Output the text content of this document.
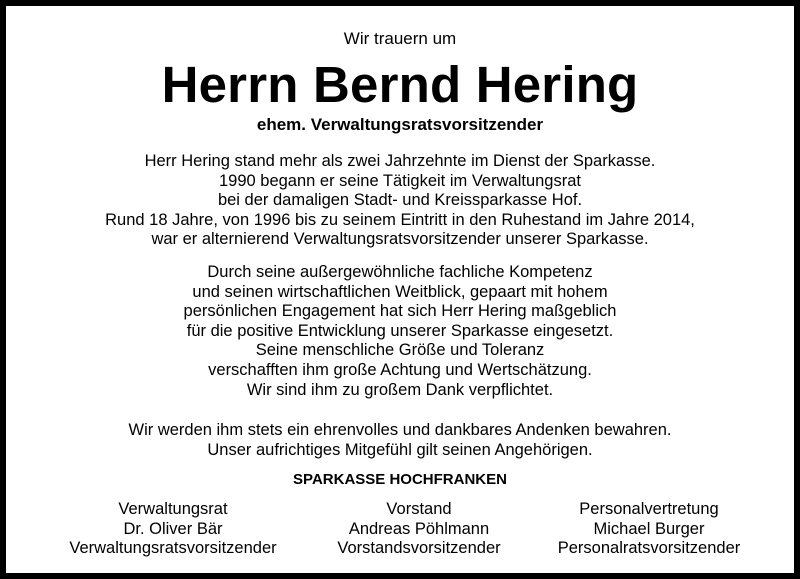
Wir trauern um
Herrn Bernd Hering
ehem. Verwaltungsratsvorsitzender
Herr Hering stand mehr als zwei Jahrzehnte im Dienst der Sparkasse.
1990 begann er seine Tätigkeit im Verwaltungsrat
bei der damaligen Stadt- und Kreissparkasse Hof.
Rund 18 Jahre, von 1996 bis zu seinem Eintritt in den Ruhestand im Jahre 2014,
war er alternierend Verwaltungsratsvorsitzender unserer Sparkasse.
Durch seine außergewöhnliche fachliche Kompetenz
und seinen wirtschaftlichen Weitblick, gepaart mit hohem
persönlichen Engagement hat sich Herr Hering maßgeblich
für die positive Entwicklung unserer Sparkasse eingesetzt.
Seine menschliche Größe und Toleranz
verschafften ihm große Achtung und Wertschätzung.
Wir sind ihm zu großem Dank verpflichtet.
Wir werden ihm stets ein ehrenvolles und dankbares Andenken bewahren.
Unser aufrichtiges Mitgefühl gilt seinen Angehörigen.
SPARKASSE HOCHFRANKEN
Verwaltungsrat
Dr. Oliver Bär
Verwaltungsratsvorsitzender
Vorstand
Andreas Pöhlmann
Vorstandsvorsitzender
Personalvertretung
Michael Burger
Personalratsvorsitzender
